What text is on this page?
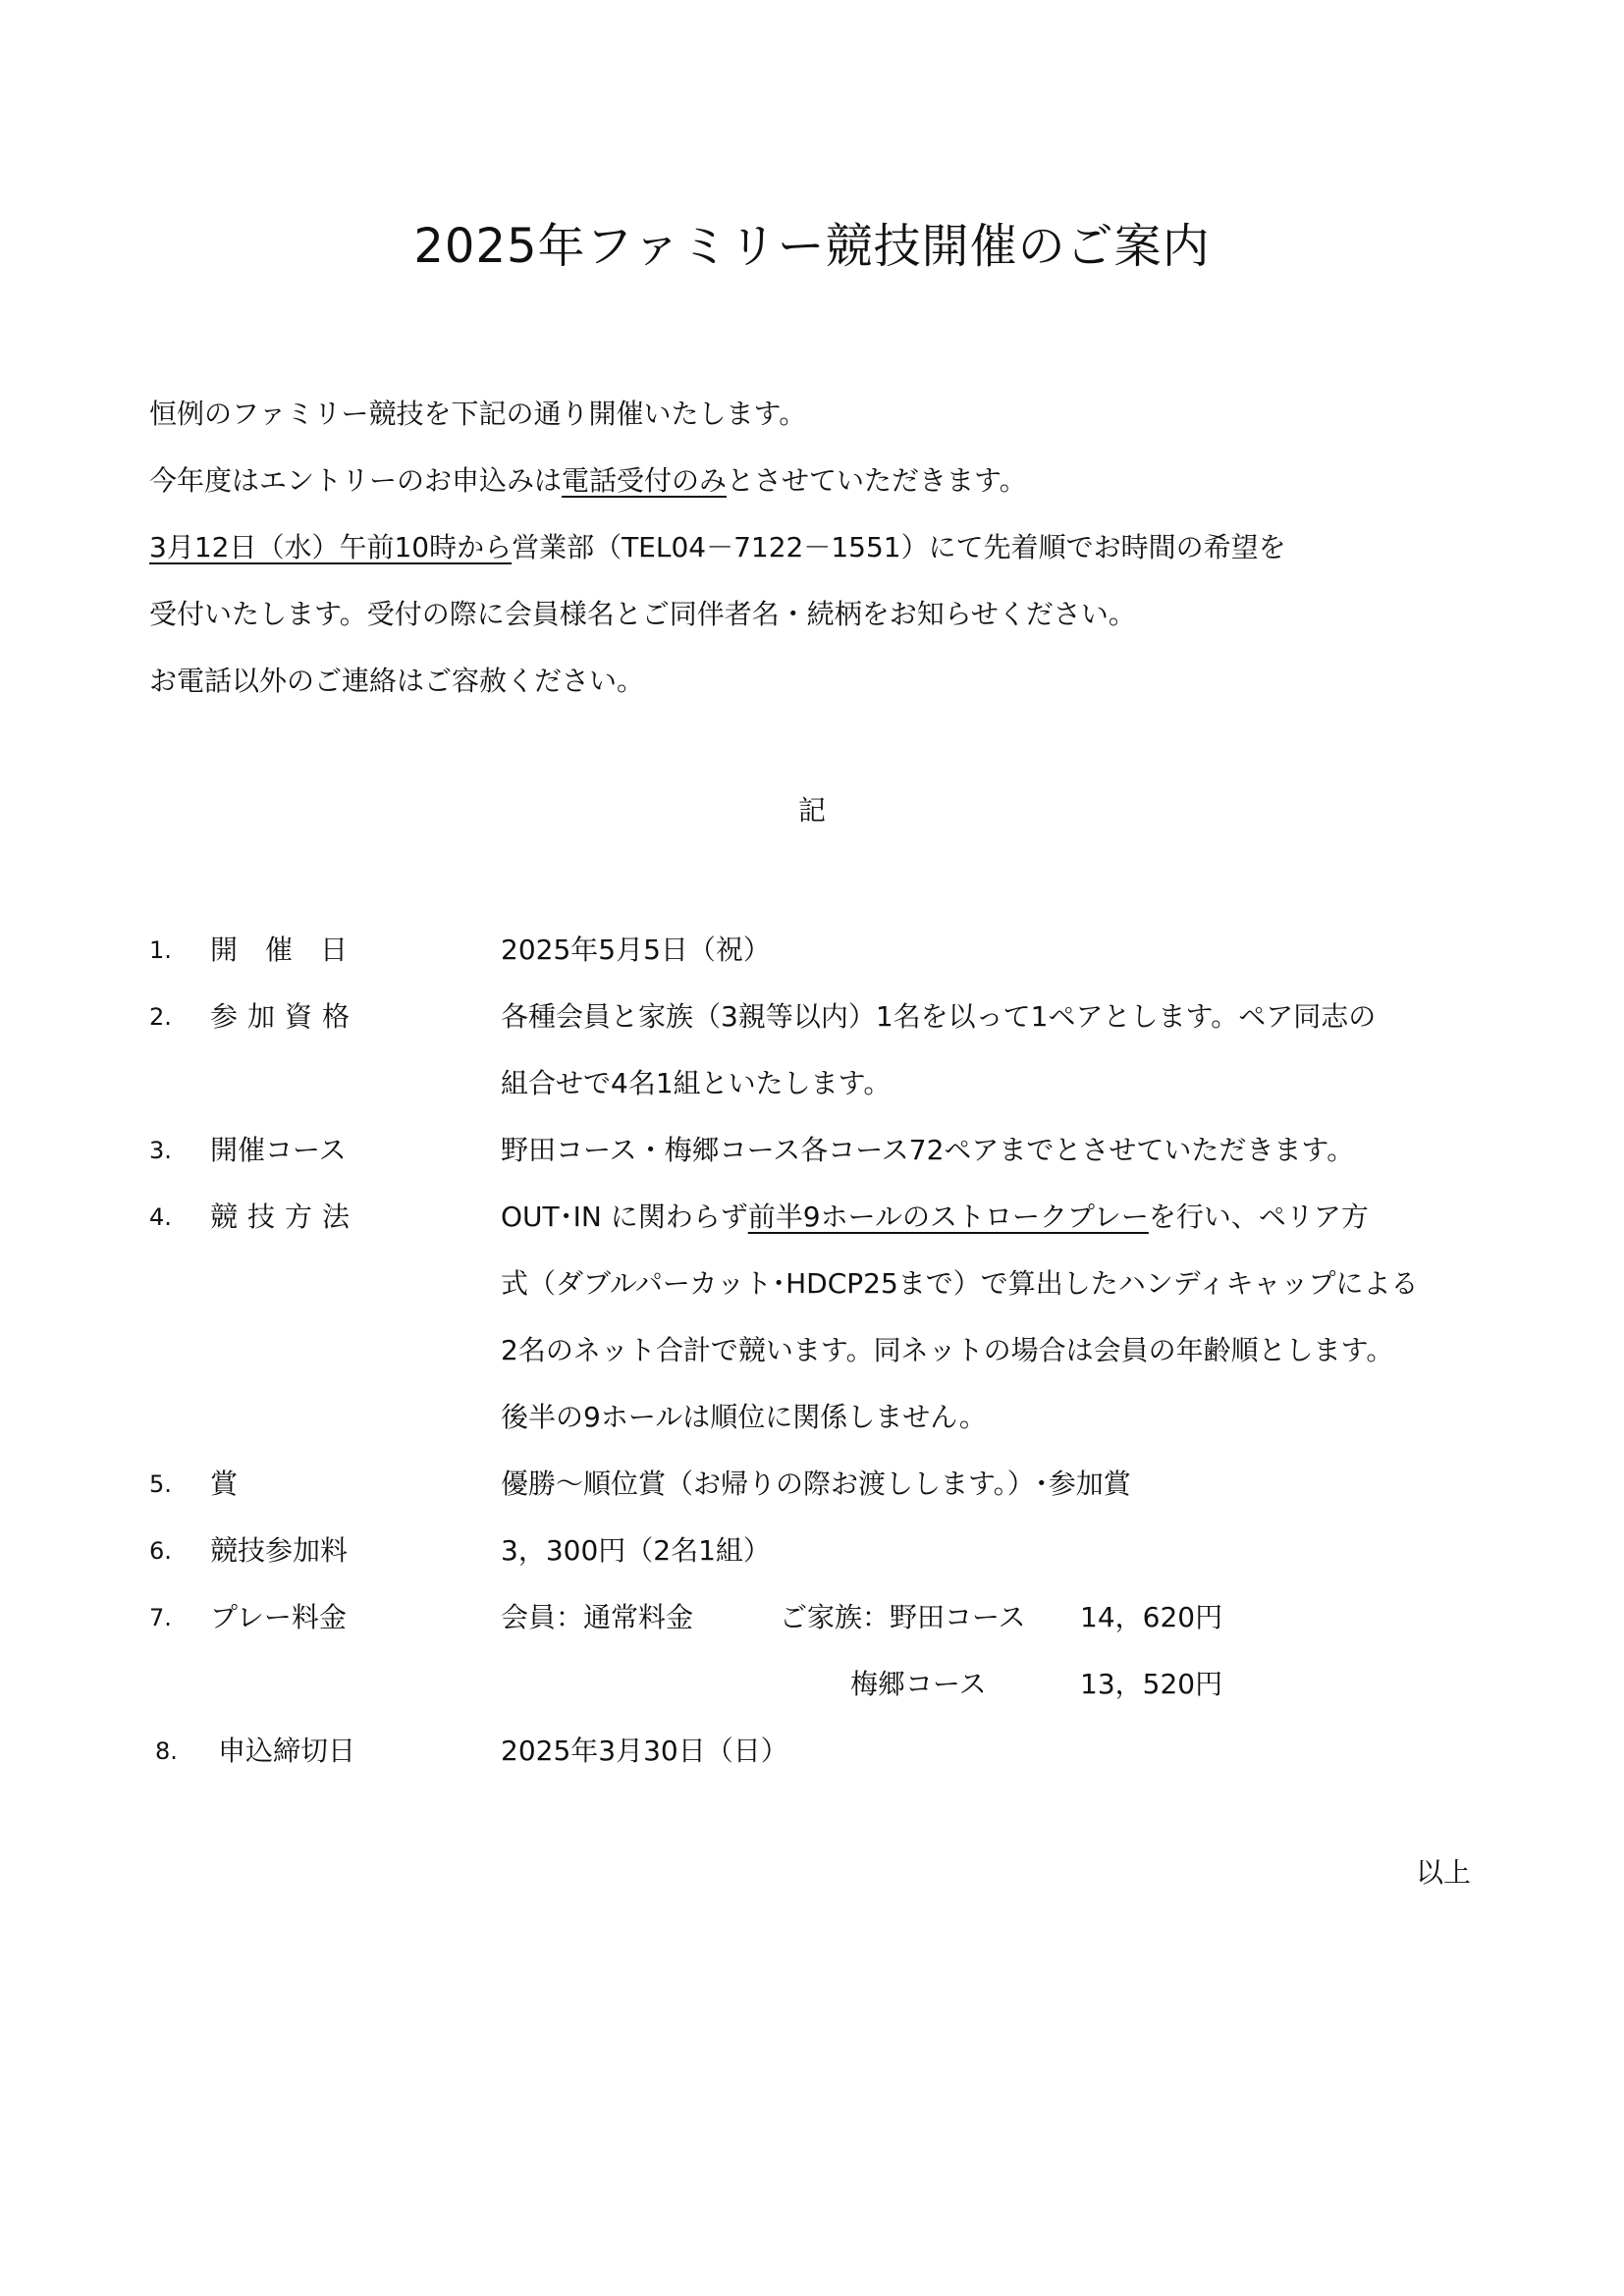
2025年ファミリー競技開催のご案内
恒例のファミリー競技を下記の通り開催いたします。
今年度はエントリーのお申込みは電話受付のみとさせていただきます。
3月12日（水）午前10時から営業部（TEL04－7122－1551）にて先着順でお時間の希望を
受付いたします。受付の際に会員様名とご同伴者名・続柄をお知らせください。
お電話以外のご連絡はご容赦ください。
記
1.	開催日	2025年5月5日（祝）
2.	参加資格	各種会員と家族（3親等以内）1名を以って1ペアとします。ペア同志の
組合せで4名1組といたします。
3.	開催コース	野田コース・梅郷コース各コース72ペアまでとさせていただきます。
4.	競技方法	OUT･IN に関わらず前半9ホールのストロークプレーを行い、ペリア方
式（ダブルパーカット･HDCP25まで）で算出したハンディキャップによる
2名のネット合計で競います。同ネットの場合は会員の年齢順とします。
後半の9ホールは順位に関係しません。
5.	賞	優勝～順位賞（お帰りの際お渡しします。）･参加賞
6.	競技参加料	3，300円（2名1組）
7.	プレー料金	会員：通常料金	ご家族：野田コース 14，620円
梅郷コース	13，520円
8.	申込締切日	2025年3月30日（日）
以上
